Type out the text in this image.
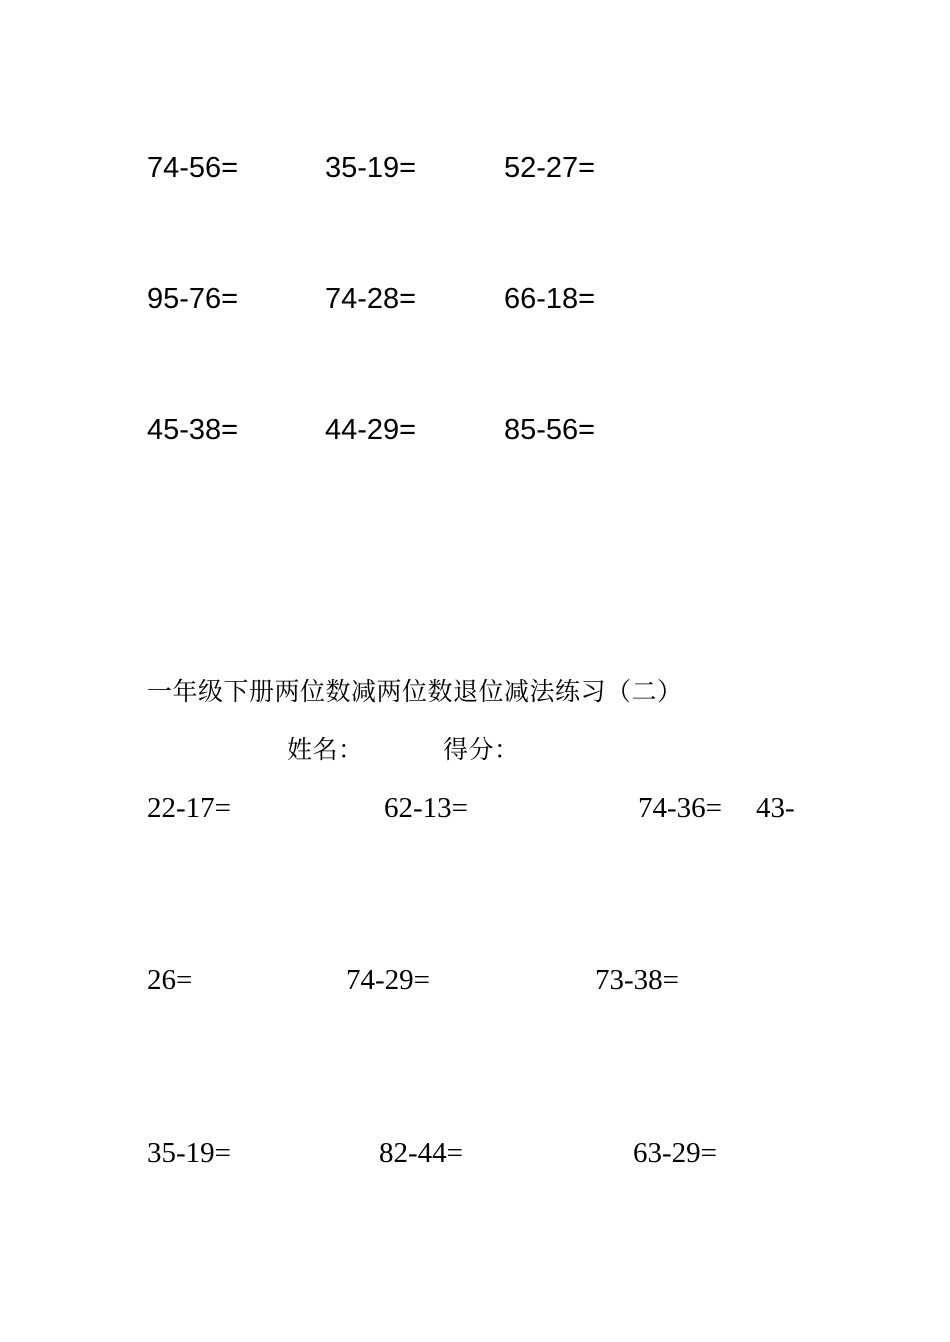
74-56=	35-19=	52-27=
95-76=	74-28=	66-18=
45-38=	44-29=	85-56=
一年级下册两位数减两位数退位减法练习（二）
姓名：	得分：
22-17=	62-13=	74-36= 43-
26=	74-29=	73-38=
35-19=	82-44=	63-29=
